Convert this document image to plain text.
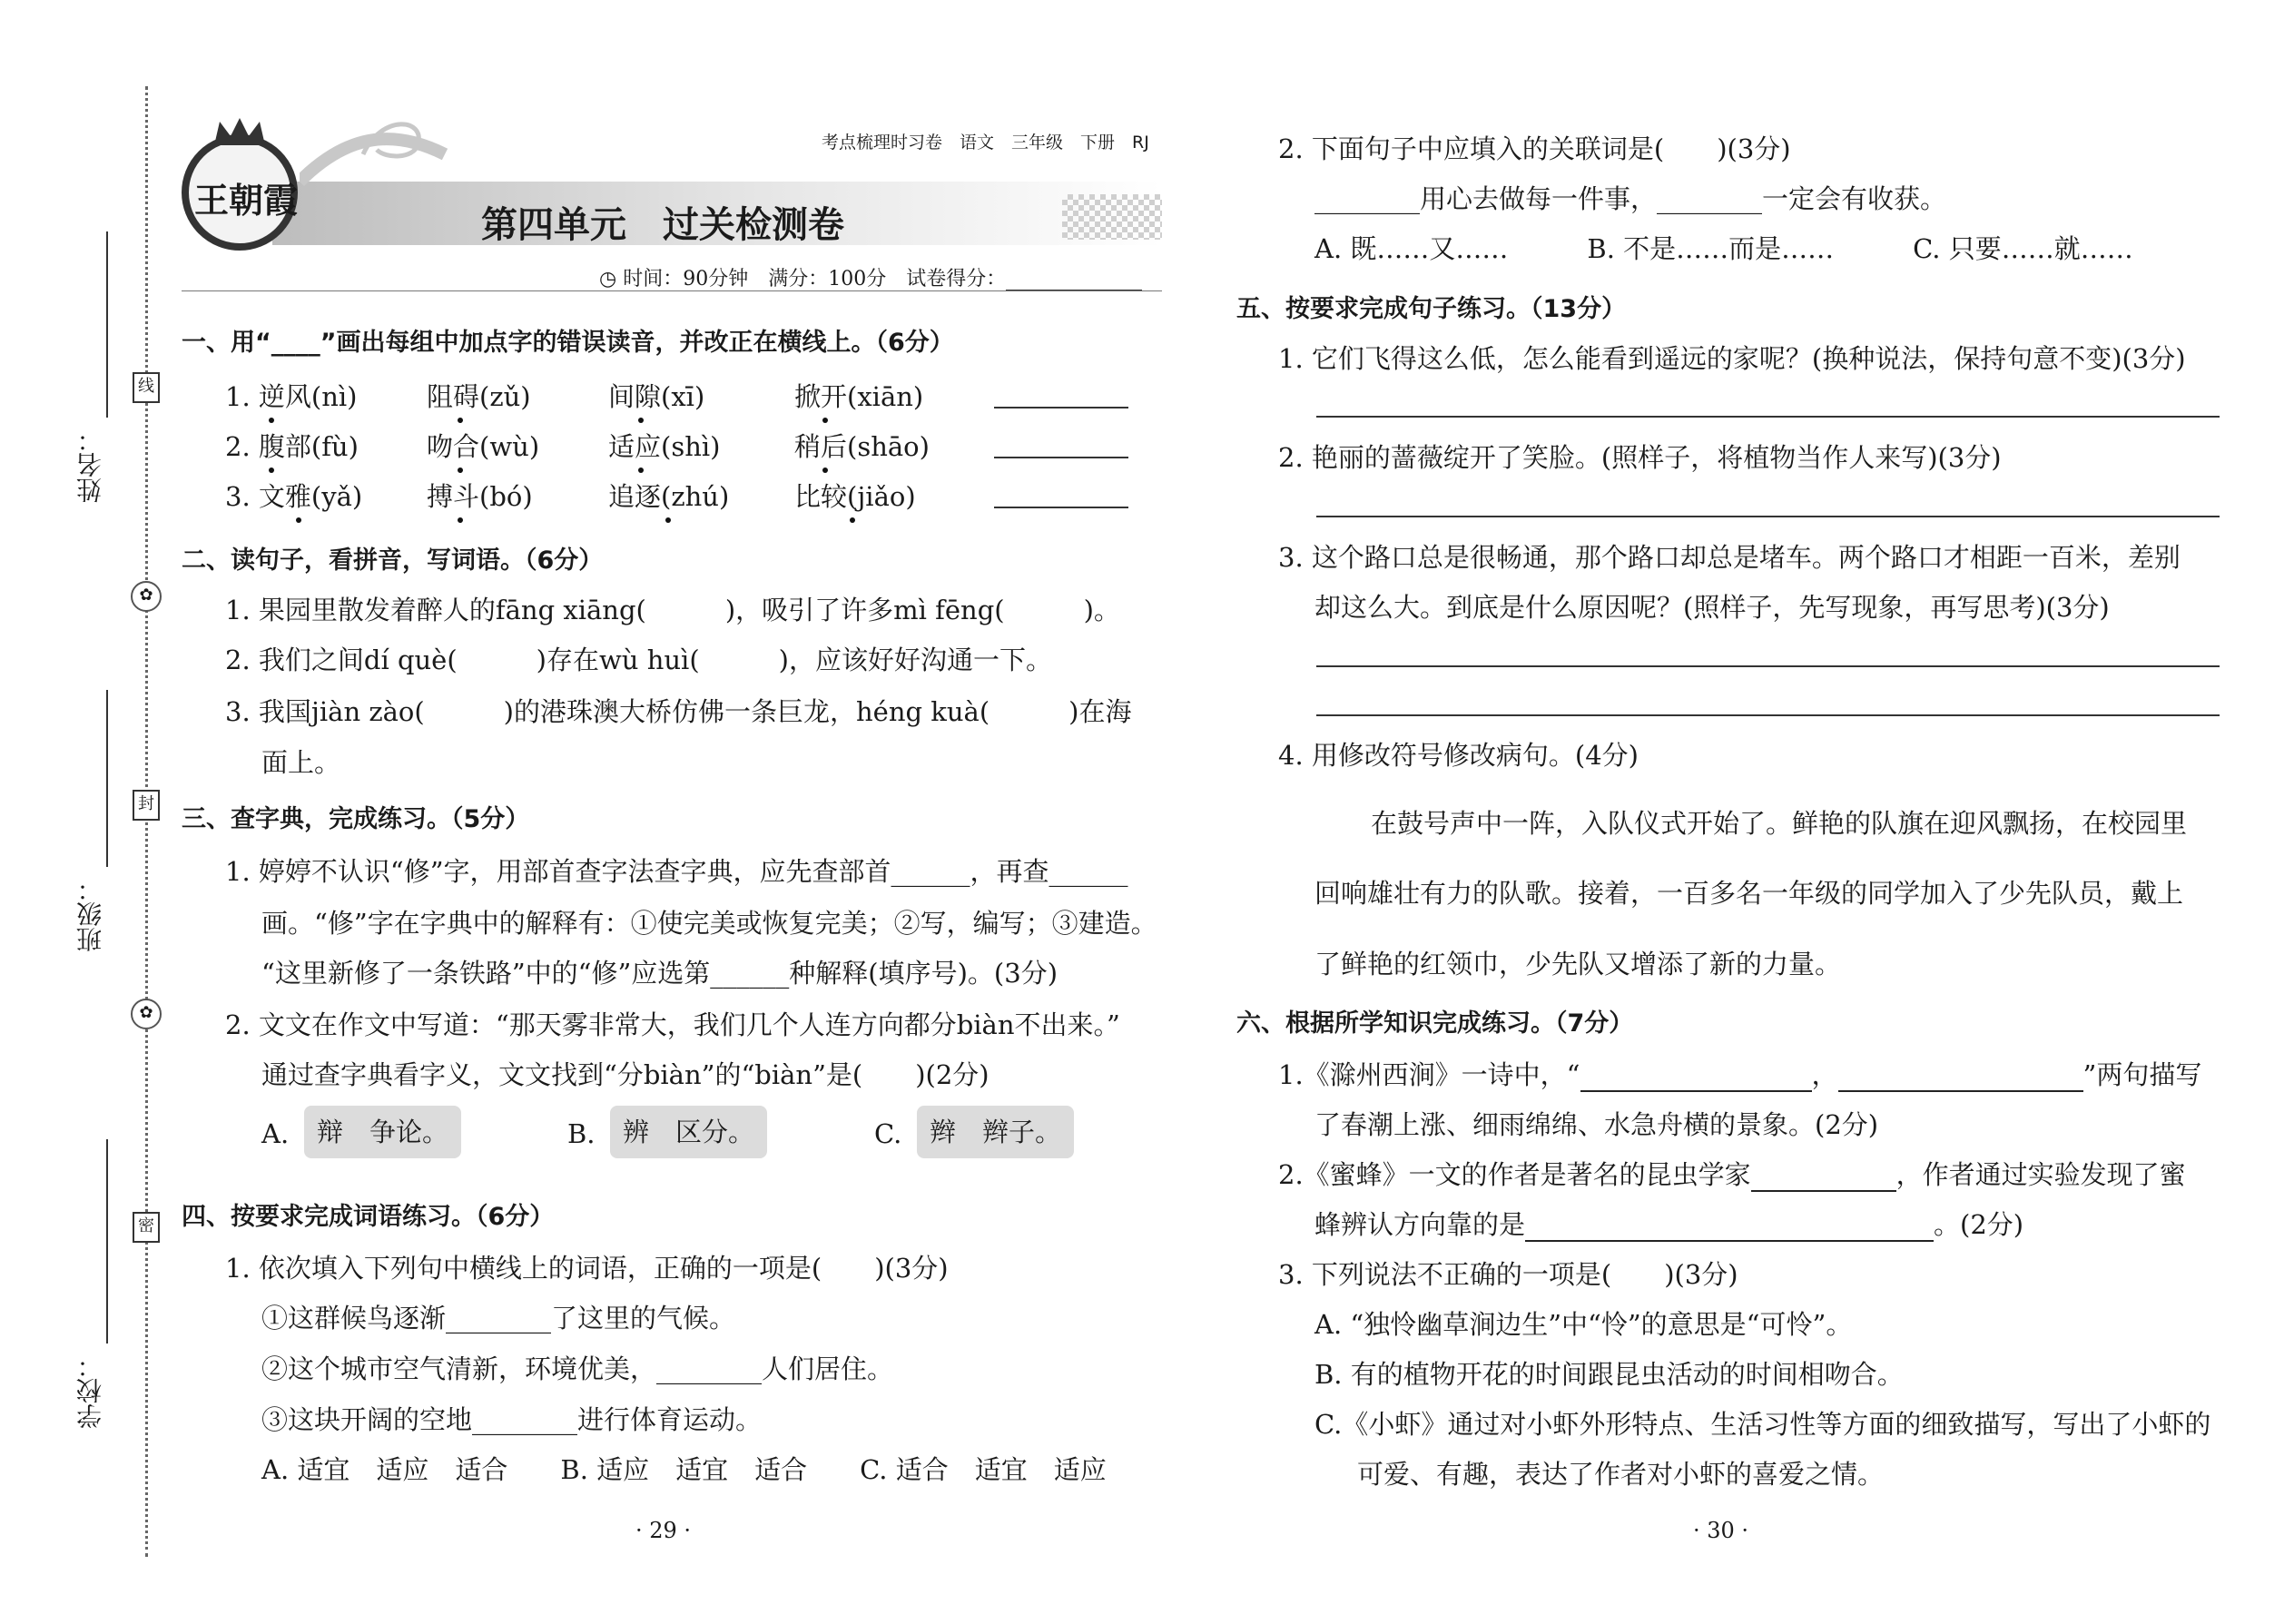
姓名：
班级：
学校：
线
✿
封
✿
密
王朝霞
考点梳理时习卷　语文　三年级　下册　RJ
第四单元　过关检测卷
◷ 时间：90分钟　满分：100分　试卷得分：
一、用“____”画出每组中加点字的错误读音，并改正在横线上。（6分）
1. 逆风(nì)	阻碍(zǔ)	间隙(xī)	掀开(xiān)
2. 腹部(fù)	吻合(wù)	适应(shì)	稍后(shāo)
3. 文雅(yǎ) 搏斗(bó)	追逐(zhú) 比较(jiǎo)
二、读句子，看拼音，写词语。（6分）
1. 果园里散发着醉人的fāng xiāng(　　　)，吸引了许多mì fēng(　　　)。
2. 我们之间dí què(　　　)存在wù huì(　　　)，应该好好沟通一下。
3. 我国jiàn zào(　　　)的港珠澳大桥仿佛一条巨龙，héng kuà(　　　)在海
面上。
三、查字典，完成练习。（5分）
1. 婷婷不认识“修”字，用部首查字法查字典，应先查部首______，再查______
画。“修”字在字典中的解释有：①使完美或恢复完美；②写，编写；③建造。
“这里新修了一条铁路”中的“修”应选第______种解释(填序号)。(3分)
2. 文文在作文中写道：“那天雾非常大，我们几个人连方向都分biàn不出来。”
通过查字典看字义，文文找到“分biàn”的“biàn”是(　　)(2分)
A.	辩　争论。	B.	辨　区分。	C.	辫　辫子。
四、按要求完成词语练习。（6分）
1. 依次填入下列句中横线上的词语，正确的一项是(　　)(3分)
①这群候鸟逐渐________了这里的气候。
②这个城市空气清新，环境优美，________人们居住。
③这块开阔的空地________进行体育运动。
A. 适宜　适应　适合　　B. 适应　适宜　适合　　C. 适合　适宜　适应
· 29 ·
2. 下面句子中应填入的关联词是(　　)(3分)
________用心去做每一件事，________一定会有收获。
A. 既……又……　　　B. 不是……而是……　　　C. 只要……就……
五、按要求完成句子练习。（13分）
1. 它们飞得这么低，怎么能看到遥远的家呢？(换种说法，保持句意不变)(3分)
2. 艳丽的蔷薇绽开了笑脸。(照样子，将植物当作人来写)(3分)
3. 这个路口总是很畅通，那个路口却总是堵车。两个路口才相距一百米，差别
却这么大。到底是什么原因呢？(照样子，先写现象，再写思考)(3分)
4. 用修改符号修改病句。(4分)
在鼓号声中一阵，入队仪式开始了。鲜艳的队旗在迎风飘扬，在校园里
回响雄壮有力的队歌。接着，一百多名一年级的同学加入了少先队员，戴上
了鲜艳的红领巾，少先队又增添了新的力量。
六、根据所学知识完成练习。（7分）
1.《滁州西涧》一诗中，“	，	”两句描写
了春潮上涨、细雨绵绵、水急舟横的景象。(2分)
2.《蜜蜂》一文的作者是著名的昆虫学家	，作者通过实验发现了蜜
蜂辨认方向靠的是	。(2分)
3. 下列说法不正确的一项是(　　)(3分)
A. “独怜幽草涧边生”中“怜”的意思是“可怜”。
B. 有的植物开花的时间跟昆虫活动的时间相吻合。
C.《小虾》通过对小虾外形特点、生活习性等方面的细致描写，写出了小虾的
可爱、有趣，表达了作者对小虾的喜爱之情。
· 30 ·
